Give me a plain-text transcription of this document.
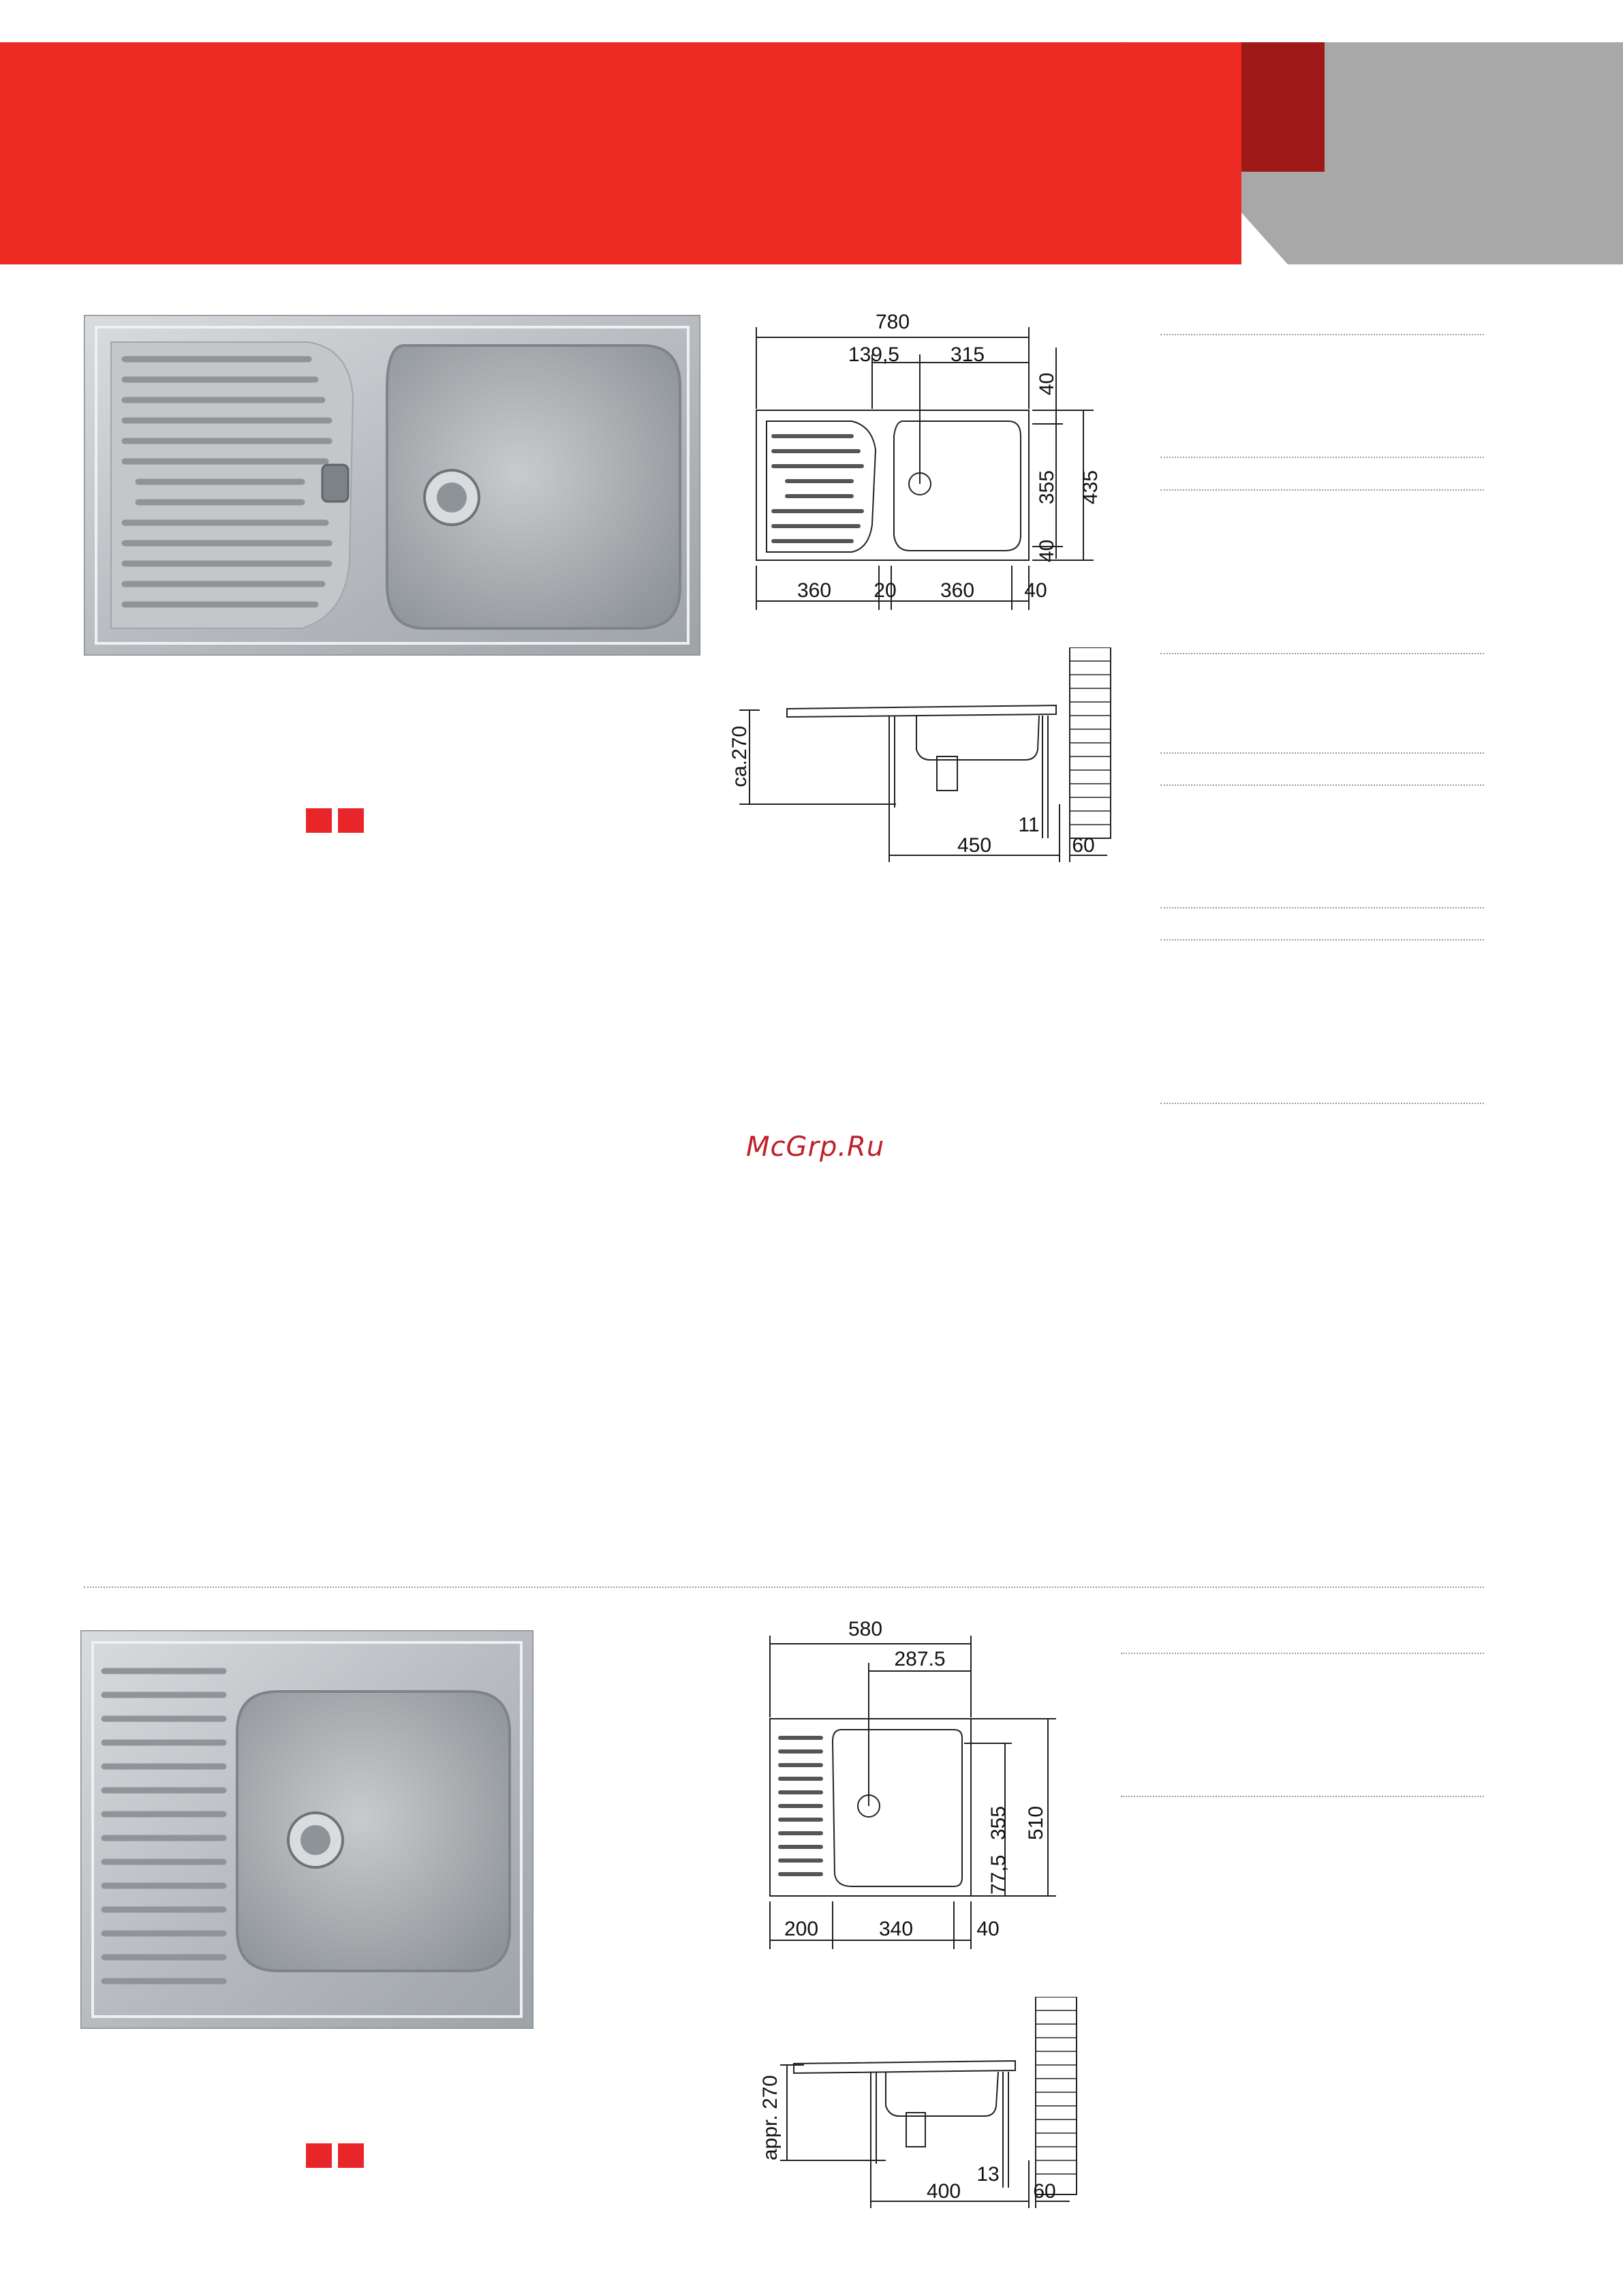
780
139,5 315
40
355
40
435
360 20 360 40
ca.270
450
11
60
McGrp.Ru
580
287.5
355 510
77,5
200	340	40
appr. 270
400
13
60
